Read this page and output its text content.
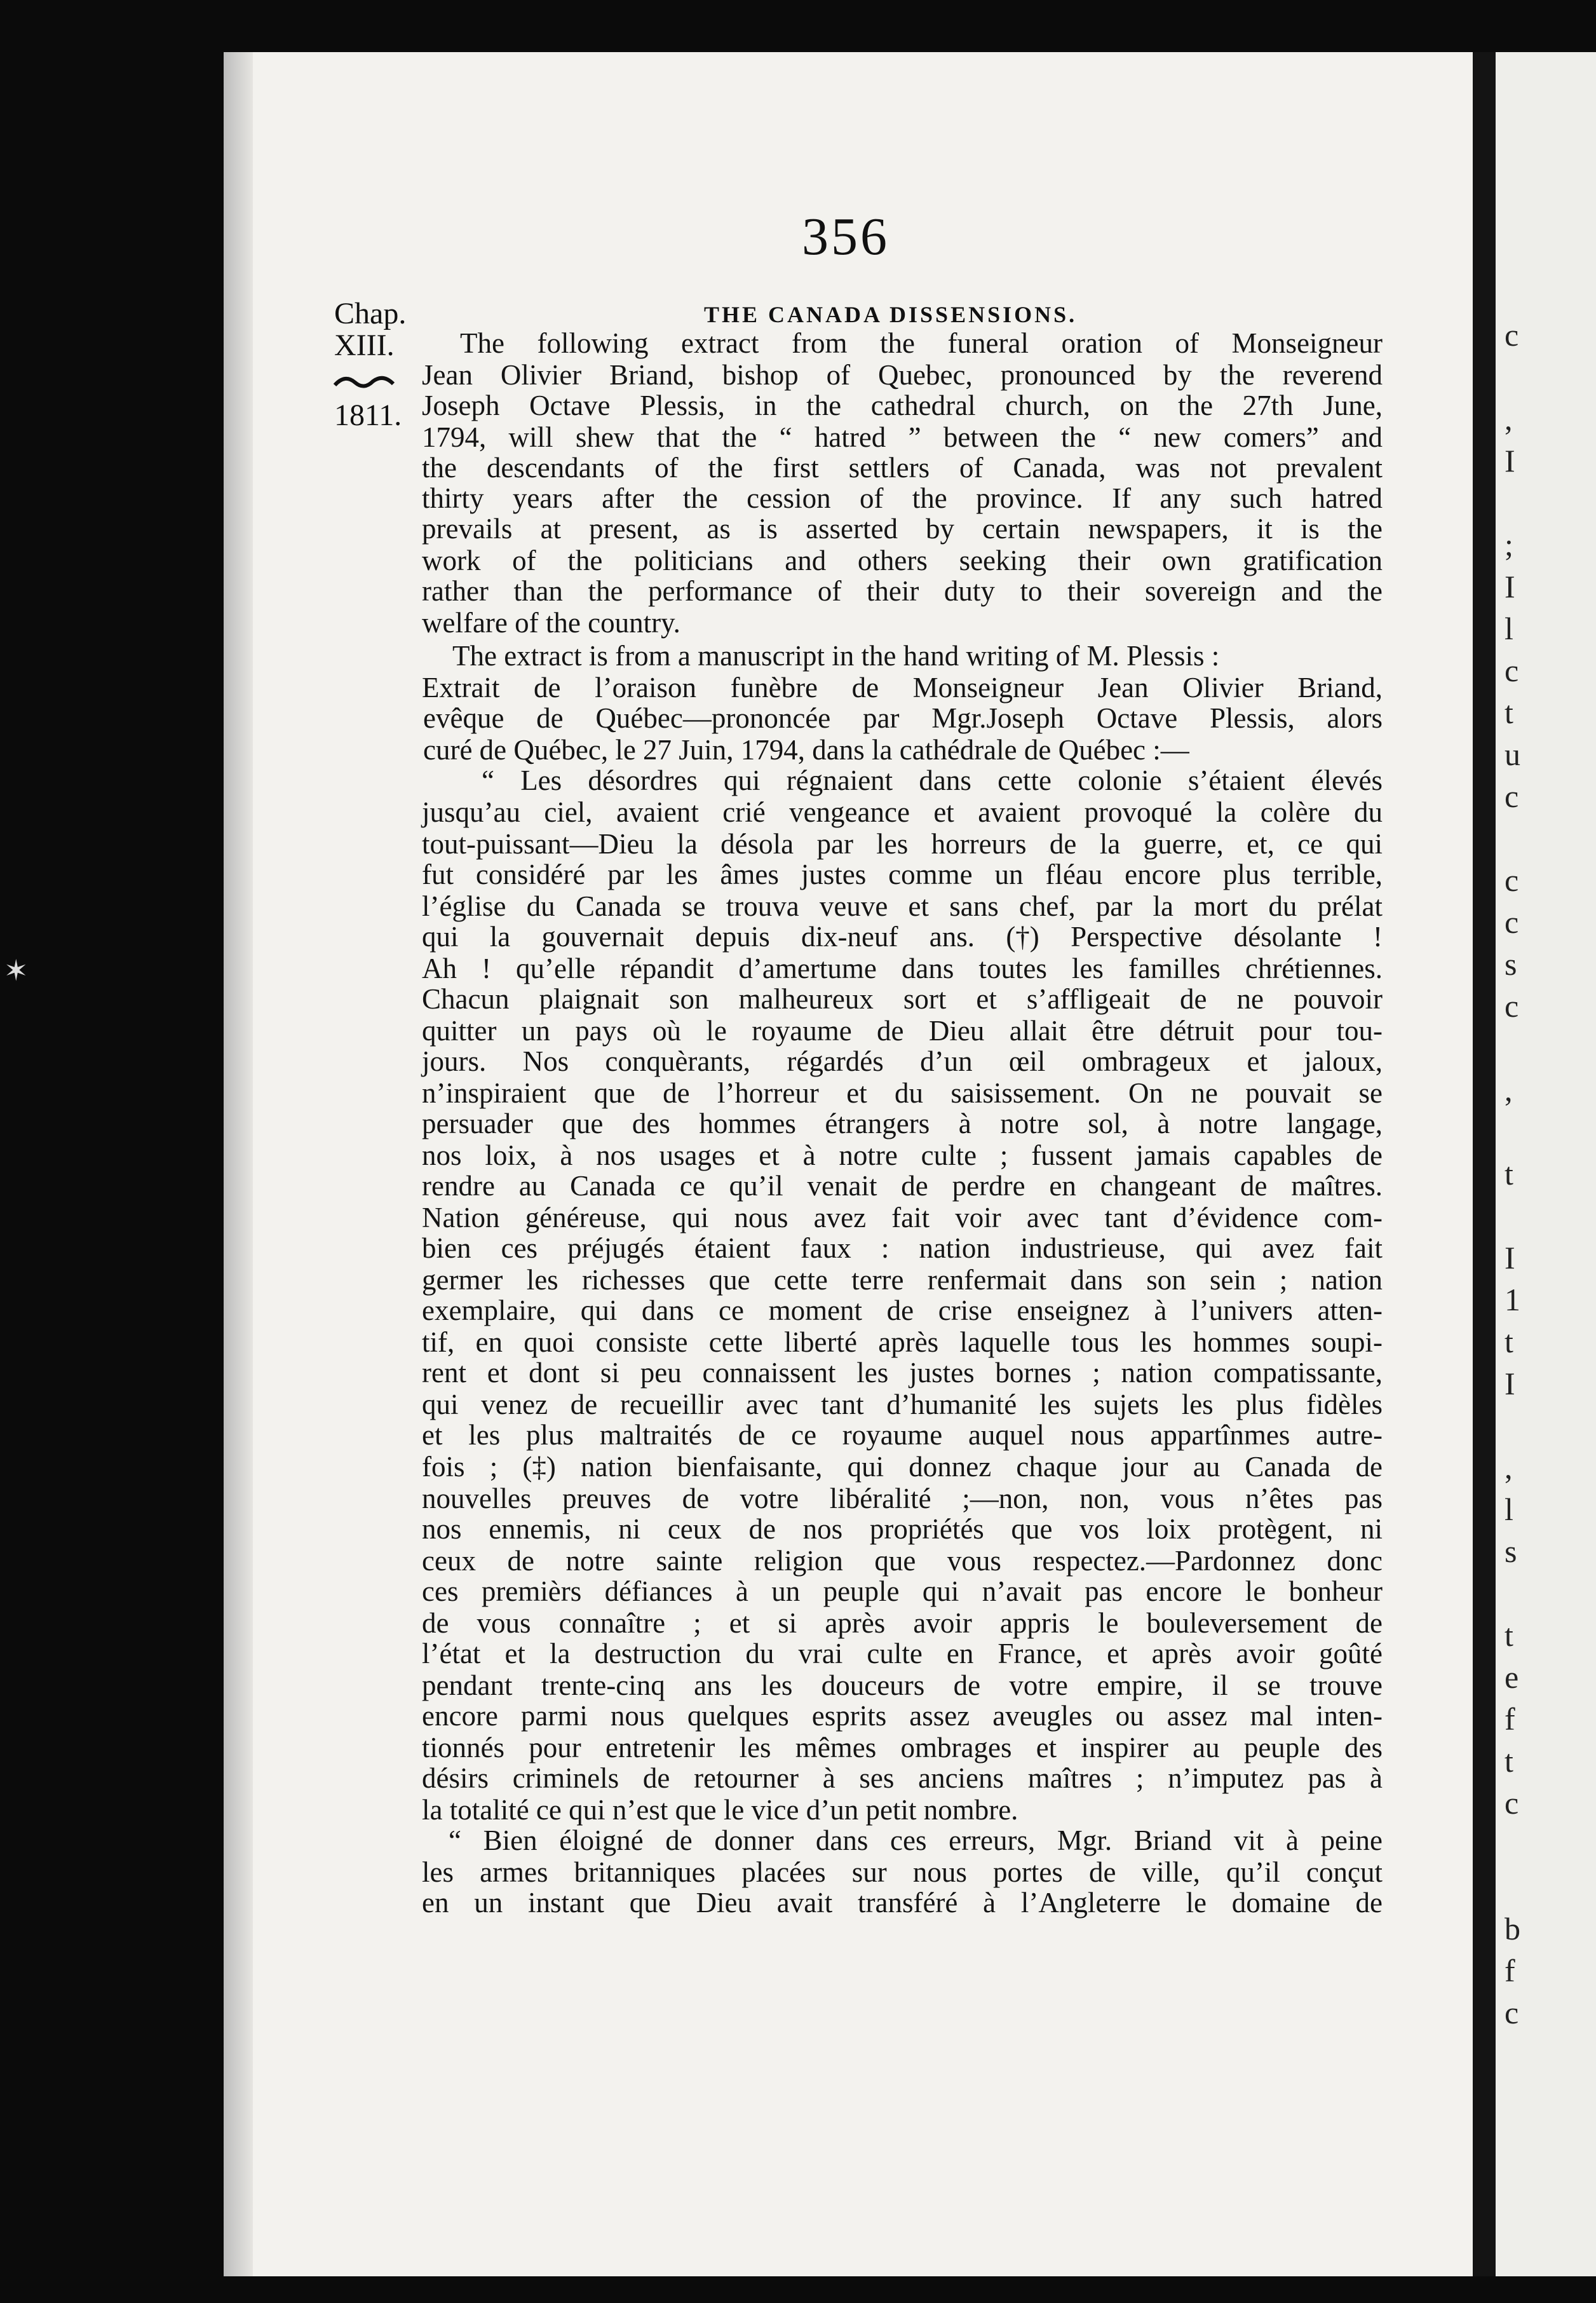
c
,
I
;
I
l
c
t
u
c
c
c
s
c
,
t
I
1
t
I
,
l
s
t
e
f
t
c
b
f
c
✶
356
Chap.
XIII.
1811.
THE CANADA DISSENSIONS.
The following extract from the funeral oration of Monseigneur
Jean Olivier Briand, bishop of Quebec, pronounced by the reverend
Joseph Octave Plessis, in the cathedral church, on the 27th June,
1794, will shew that the “ hatred ” between the “ new comers” and
the descendants of the first settlers of Canada, was not prevalent
thirty years after the cession of the province. If any such hatred
prevails at present, as is asserted by certain newspapers, it is the
work of the politicians and others seeking their own gratification
rather than the performance of their duty to their sovereign and the
welfare of the country.
The extract is from a manuscript in the hand writing of M. Plessis :
Extrait de l’oraison funèbre de Monseigneur Jean Olivier Briand,
evêque de Québec—prononcée par Mgr.Joseph Octave Plessis, alors
curé de Québec, le 27 Juin, 1794, dans la cathédrale de Québec :—
“ Les désordres qui régnaient dans cette colonie s’étaient élevés
jusqu’au ciel, avaient crié vengeance et avaient provoqué la colère du
tout-puissant—Dieu la désola par les horreurs de la guerre, et, ce qui
fut considéré par les âmes justes comme un fléau encore plus terrible,
l’église du Canada se trouva veuve et sans chef, par la mort du prélat
qui la gouvernait depuis dix-neuf ans. (†) Perspective désolante !
Ah ! qu’elle répandit d’amertume dans toutes les familles chrétiennes.
Chacun plaignait son malheureux sort et s’affligeait de ne pouvoir
quitter un pays où le royaume de Dieu allait être détruit pour tou-
jours. Nos conquèrants, régardés d’un œil ombrageux et jaloux,
n’inspiraient que de l’horreur et du saisissement. On ne pouvait se
persuader que des hommes étrangers à notre sol, à notre langage,
nos loix, à nos usages et à notre culte ; fussent jamais capables de
rendre au Canada ce qu’il venait de perdre en changeant de maîtres.
Nation généreuse, qui nous avez fait voir avec tant d’évidence com-
bien ces préjugés étaient faux : nation industrieuse, qui avez fait
germer les richesses que cette terre renfermait dans son sein ; nation
exemplaire, qui dans ce moment de crise enseignez à l’univers atten-
tif, en quoi consiste cette liberté après laquelle tous les hommes soupi-
rent et dont si peu connaissent les justes bornes ; nation compatissante,
qui venez de recueillir avec tant d’humanité les sujets les plus fidèles
et les plus maltraités de ce royaume auquel nous appartînmes autre-
fois ; (‡) nation bienfaisante, qui donnez chaque jour au Canada de
nouvelles preuves de votre libéralité ;—non, non, vous n’êtes pas
nos ennemis, ni ceux de nos propriétés que vos loix protègent, ni
ceux de notre sainte religion que vous respectez.—Pardonnez donc
ces premièrs défiances à un peuple qui n’avait pas encore le bonheur
de vous connaître ; et si après avoir appris le bouleversement de
l’état et la destruction du vrai culte en France, et après avoir goûté
pendant trente-cinq ans les douceurs de votre empire, il se trouve
encore parmi nous quelques esprits assez aveugles ou assez mal inten-
tionnés pour entretenir les mêmes ombrages et inspirer au peuple des
désirs criminels de retourner à ses anciens maîtres ; n’imputez pas à
la totalité ce qui n’est que le vice d’un petit nombre.
“ Bien éloigné de donner dans ces erreurs, Mgr. Briand vit à peine
les armes britanniques placées sur nous portes de ville, qu’il conçut
en un instant que Dieu avait transféré à l’Angleterre le domaine de
